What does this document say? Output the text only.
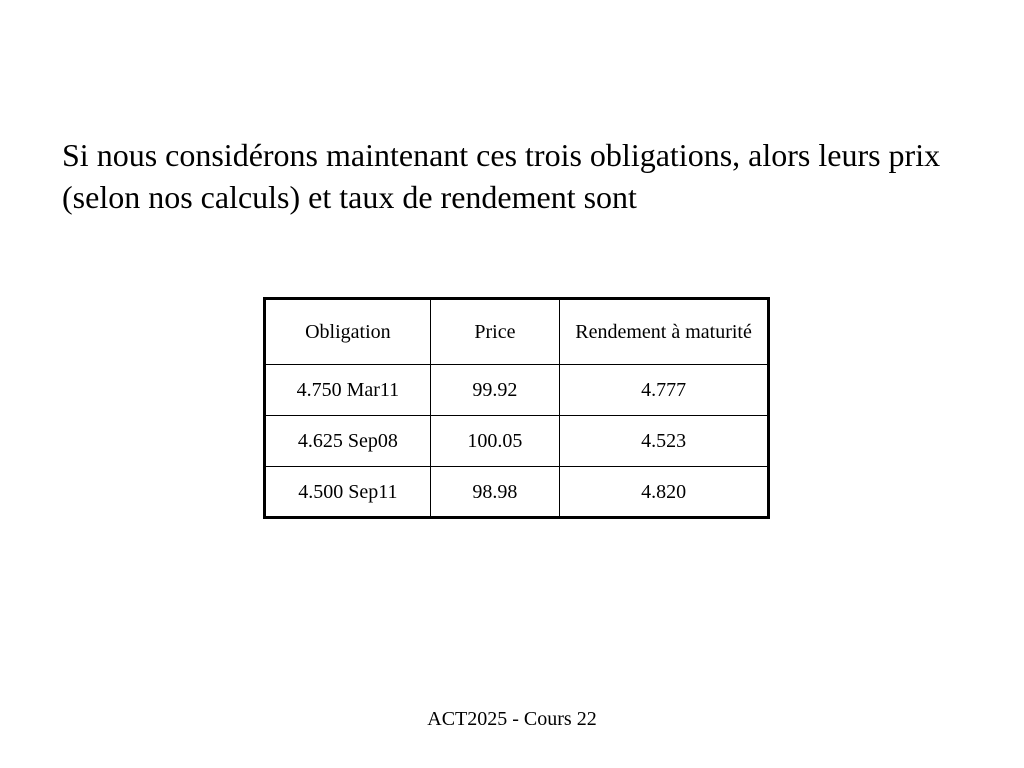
Si nous considérons maintenant ces trois obligations, alors leurs prix (selon nos calculs) et taux de rendement sont

Obligation	Price	Rendement à maturité
4.750 Mar11	99.92	4.777
4.625 Sep08	100.05	4.523
4.500 Sep11	98.98	4.820
ACT2025 - Cours 22
